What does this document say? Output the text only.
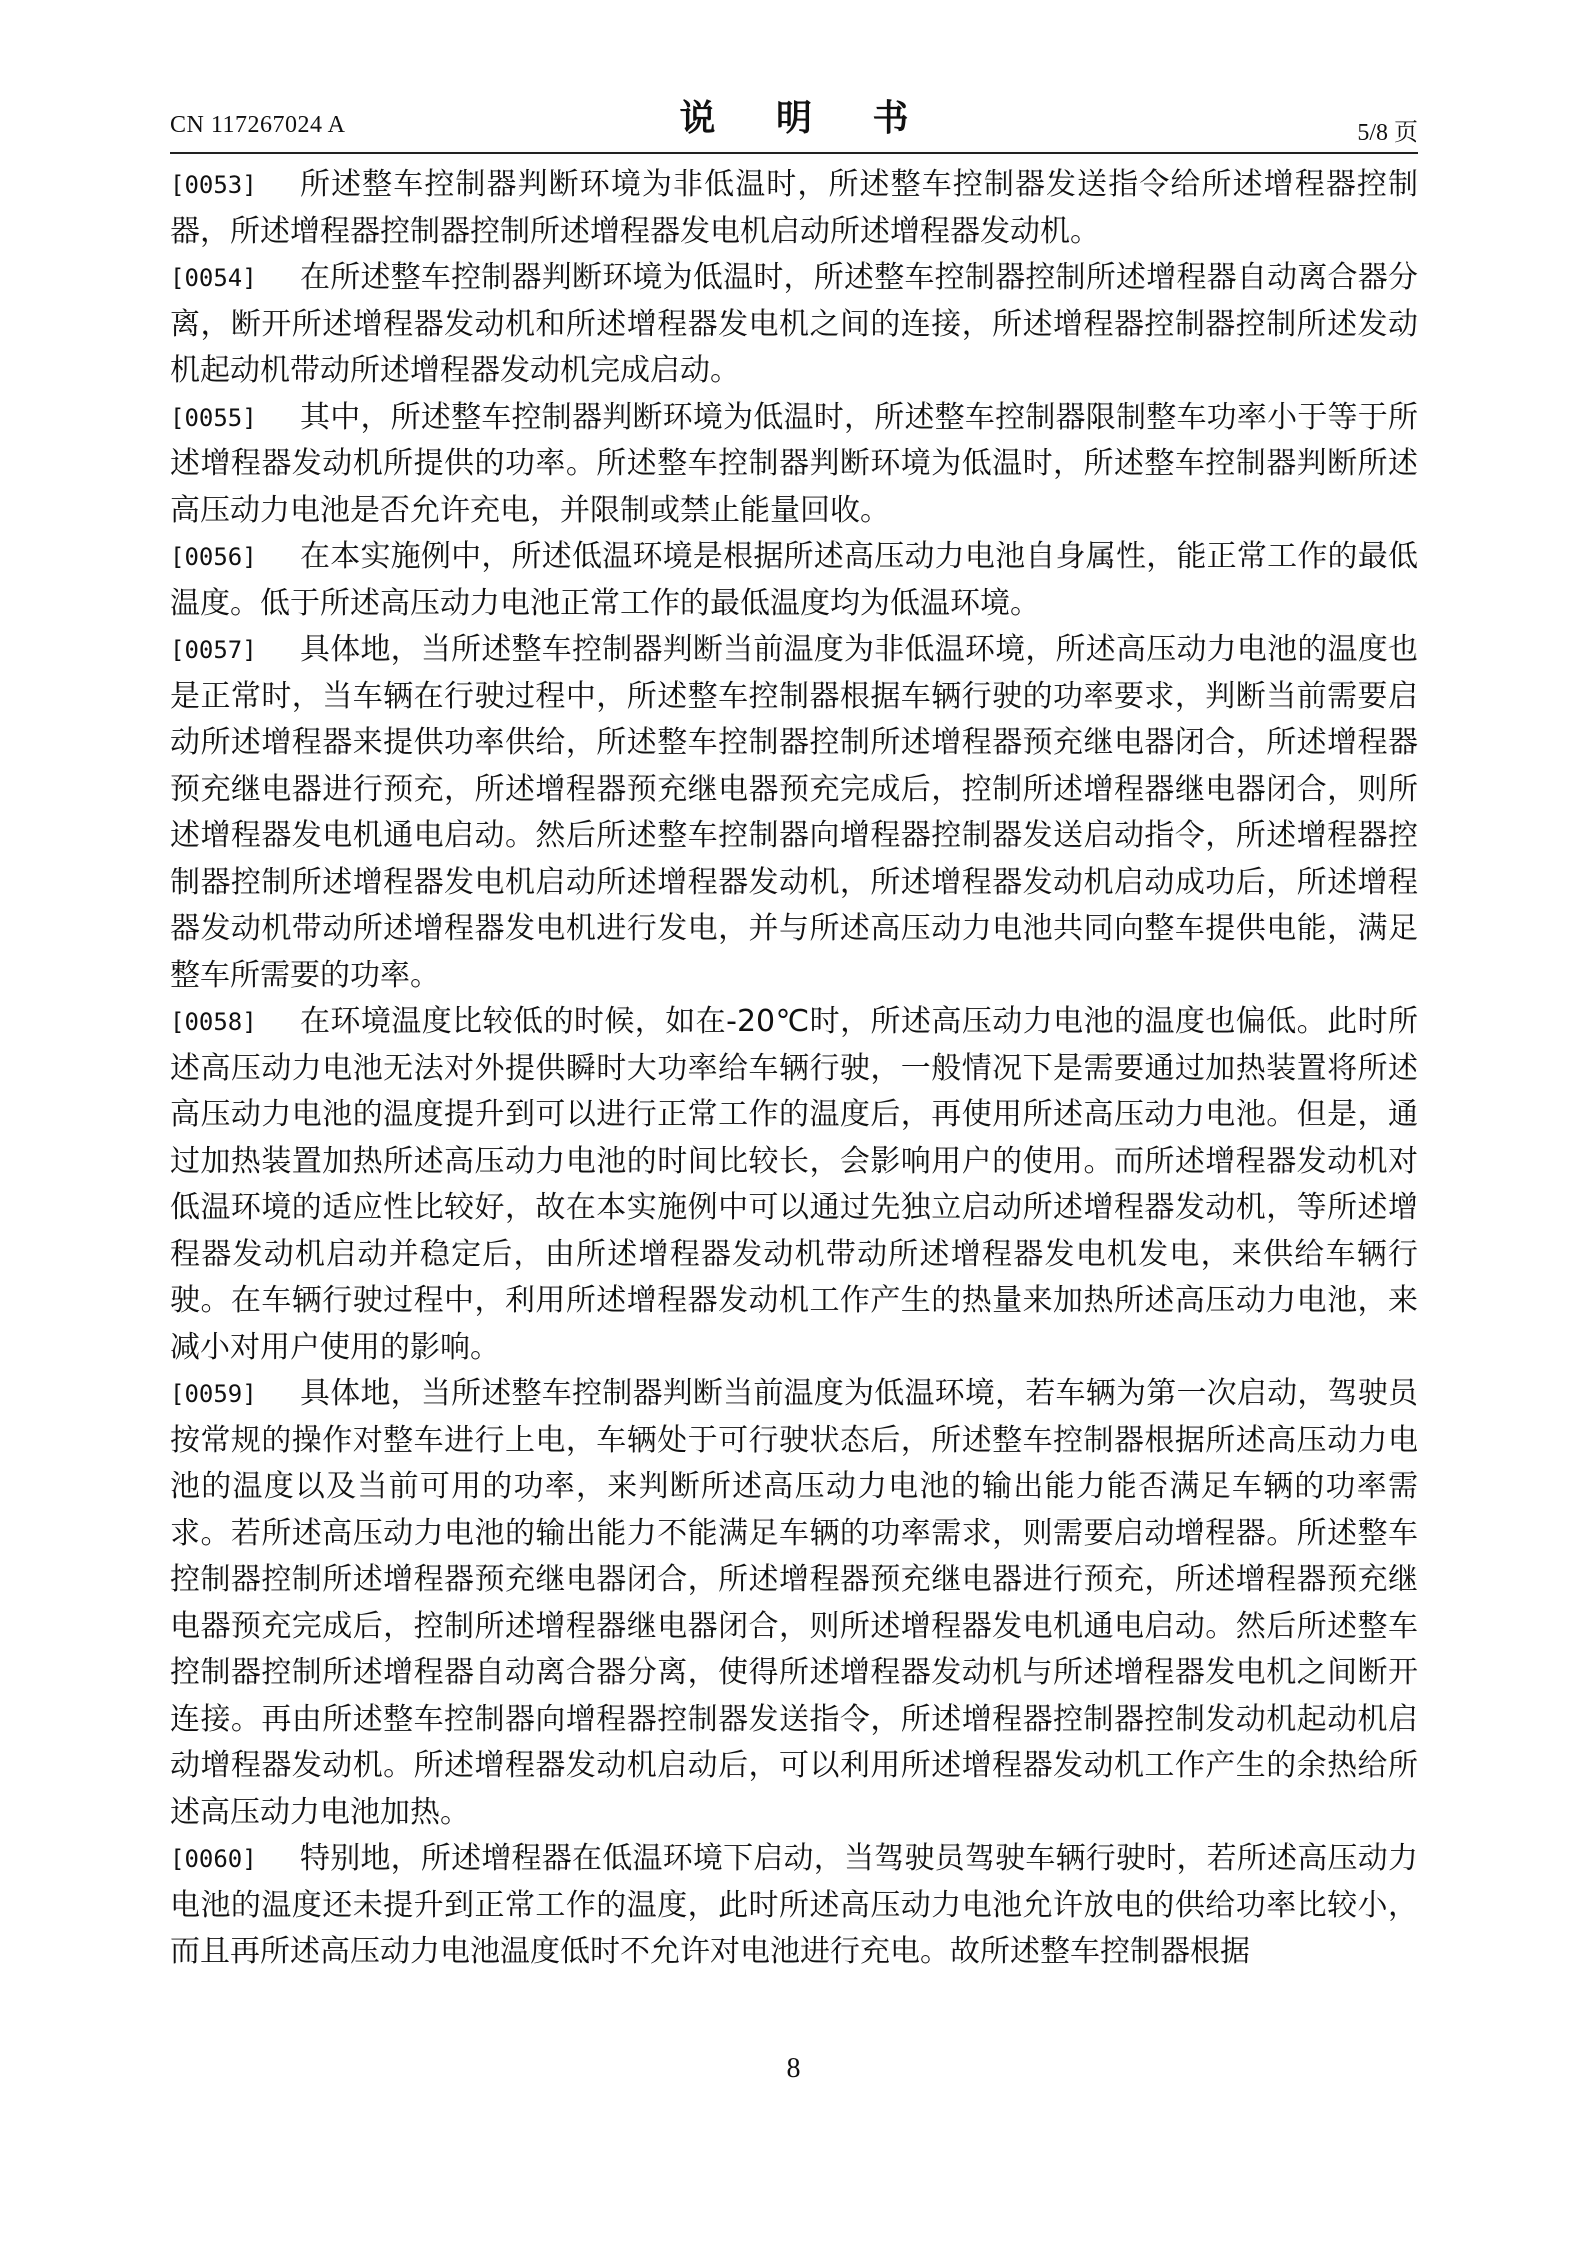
CN 117267024 A	说 明 书	5/8 页

[0053] 所述整车控制器判断环境为非低温时，所述整车控制器发送指令给所述增程器控制器，所述增程器控制器控制所述增程器发电机启动所述增程器发动机。

[0054] 在所述整车控制器判断环境为低温时，所述整车控制器控制所述增程器自动离合器分离，断开所述增程器发动机和所述增程器发电机之间的连接，所述增程器控制器控制所述发动机起动机带动所述增程器发动机完成启动。

[0055] 其中，所述整车控制器判断环境为低温时，所述整车控制器限制整车功率小于等于所述增程器发动机所提供的功率。所述整车控制器判断环境为低温时，所述整车控制器判断所述高压动力电池是否允许充电，并限制或禁止能量回收。

[0056] 在本实施例中，所述低温环境是根据所述高压动力电池自身属性，能正常工作的最低温度。低于所述高压动力电池正常工作的最低温度均为低温环境。

[0057] 具体地，当所述整车控制器判断当前温度为非低温环境，所述高压动力电池的温度也是正常时，当车辆在行驶过程中，所述整车控制器根据车辆行驶的功率要求，判断当前需要启动所述增程器来提供功率供给，所述整车控制器控制所述增程器预充继电器闭合，所述增程器预充继电器进行预充，所述增程器预充继电器预充完成后，控制所述增程器继电器闭合，则所述增程器发电机通电启动。然后所述整车控制器向增程器控制器发送启动指令，所述增程器控制器控制所述增程器发电机启动所述增程器发动机，所述增程器发动机启动成功后，所述增程器发动机带动所述增程器发电机进行发电，并与所述高压动力电池共同向整车提供电能，满足整车所需要的功率。

[0058] 在环境温度比较低的时候，如在-20℃时，所述高压动力电池的温度也偏低。此时所述高压动力电池无法对外提供瞬时大功率给车辆行驶，一般情况下是需要通过加热装置将所述高压动力电池的温度提升到可以进行正常工作的温度后，再使用所述高压动力电池。但是，通过加热装置加热所述高压动力电池的时间比较长，会影响用户的使用。而所述增程器发动机对低温环境的适应性比较好，故在本实施例中可以通过先独立启动所述增程器发动机，等所述增程器发动机启动并稳定后，由所述增程器发动机带动所述增程器发电机发电，来供给车辆行驶。在车辆行驶过程中，利用所述增程器发动机工作产生的热量来加热所述高压动力电池，来减小对用户使用的影响。

[0059] 具体地，当所述整车控制器判断当前温度为低温环境，若车辆为第一次启动，驾驶员按常规的操作对整车进行上电，车辆处于可行驶状态后，所述整车控制器根据所述高压动力电池的温度以及当前可用的功率，来判断所述高压动力电池的输出能力能否满足车辆的功率需求。若所述高压动力电池的输出能力不能满足车辆的功率需求，则需要启动增程器。所述整车控制器控制所述增程器预充继电器闭合，所述增程器预充继电器进行预充，所述增程器预充继电器预充完成后，控制所述增程器继电器闭合，则所述增程器发电机通电启动。然后所述整车控制器控制所述增程器自动离合器分离，使得所述增程器发动机与所述增程器发电机之间断开连接。再由所述整车控制器向增程器控制器发送指令，所述增程器控制器控制发动机起动机启动增程器发动机。所述增程器发动机启动后，可以利用所述增程器发动机工作产生的余热给所述高压动力电池加热。

[0060] 特别地，所述增程器在低温环境下启动，当驾驶员驾驶车辆行驶时，若所述高压动力电池的温度还未提升到正常工作的温度，此时所述高压动力电池允许放电的供给功率比较小，而且再所述高压动力电池温度低时不允许对电池进行充电。故所述整车控制器根据

8
